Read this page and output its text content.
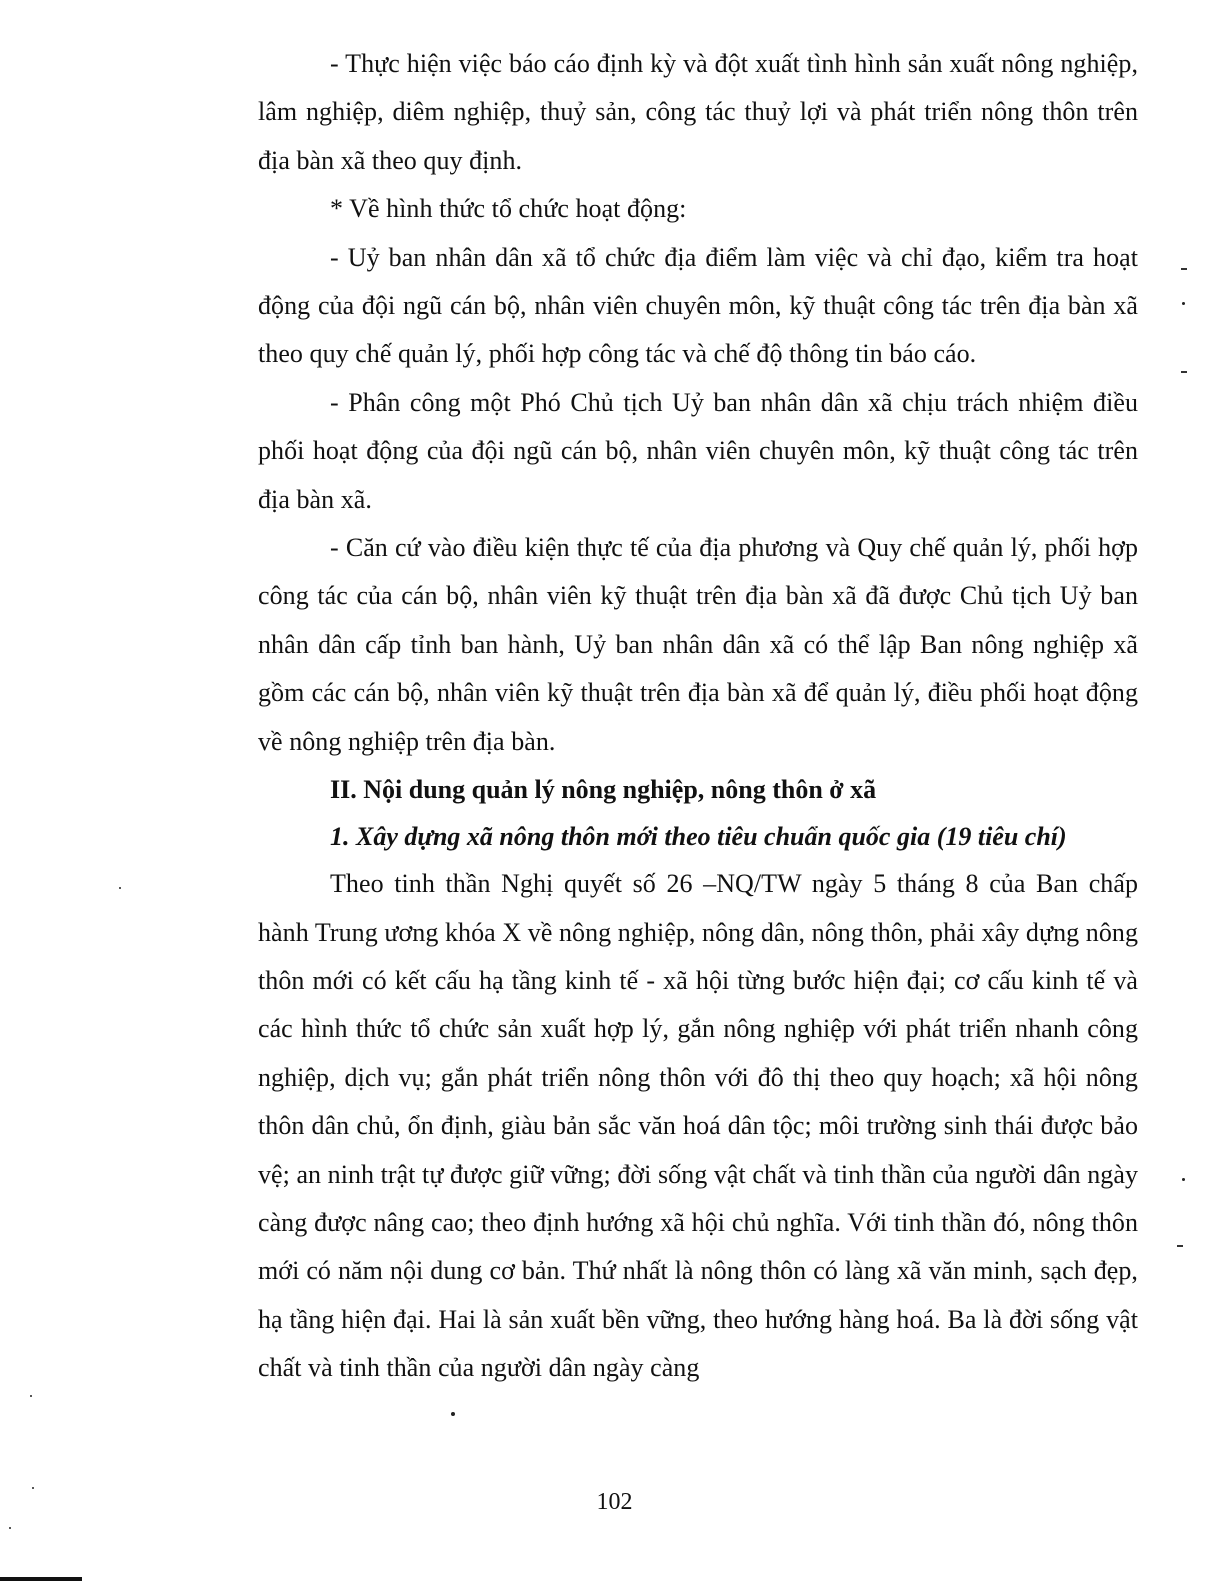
- Thực hiện việc báo cáo định kỳ và đột xuất tình hình sản xuất nông nghiệp, lâm nghiệp, diêm nghiệp, thuỷ sản, công tác thuỷ lợi và phát triển nông thôn trên địa bàn xã theo quy định.

* Về hình thức tổ chức hoạt động:

- Uỷ ban nhân dân xã tổ chức địa điểm làm việc và chỉ đạo, kiểm tra hoạt động của đội ngũ cán bộ, nhân viên chuyên môn, kỹ thuật công tác trên địa bàn xã theo quy chế quản lý, phối hợp công tác và chế độ thông tin báo cáo.

- Phân công một Phó Chủ tịch Uỷ ban nhân dân xã chịu trách nhiệm điều phối hoạt động của đội ngũ cán bộ, nhân viên chuyên môn, kỹ thuật công tác trên địa bàn xã.

- Căn cứ vào điều kiện thực tế của địa phương và Quy chế quản lý, phối hợp công tác của cán bộ, nhân viên kỹ thuật trên địa bàn xã đã được Chủ tịch Uỷ ban nhân dân cấp tỉnh ban hành, Uỷ ban nhân dân xã có thể lập Ban nông nghiệp xã gồm các cán bộ, nhân viên kỹ thuật trên địa bàn xã để quản lý, điều phối hoạt động về nông nghiệp trên địa bàn.

II. Nội dung quản lý nông nghiệp, nông thôn ở xã

1. Xây dựng xã nông thôn mới theo tiêu chuẩn quốc gia (19 tiêu chí)

Theo tinh thần Nghị quyết số 26 –NQ/TW ngày 5 tháng 8 của Ban chấp hành Trung ương khóa X về nông nghiệp, nông dân, nông thôn, phải xây dựng nông thôn mới có kết cấu hạ tầng kinh tế - xã hội từng bước hiện đại; cơ cấu kinh tế và các hình thức tổ chức sản xuất hợp lý, gắn nông nghiệp với phát triển nhanh công nghiệp, dịch vụ; gắn phát triển nông thôn với đô thị theo quy hoạch; xã hội nông thôn dân chủ, ổn định, giàu bản sắc văn hoá dân tộc; môi trường sinh thái được bảo vệ; an ninh trật tự được giữ vững; đời sống vật chất và tinh thần của người dân ngày càng được nâng cao; theo định hướng xã hội chủ nghĩa. Với tinh thần đó, nông thôn mới có năm nội dung cơ bản. Thứ nhất là nông thôn có làng xã văn minh, sạch đẹp, hạ tầng hiện đại. Hai là sản xuất bền vững, theo hướng hàng hoá. Ba là đời sống vật chất và tinh thần của người dân ngày càng

102
